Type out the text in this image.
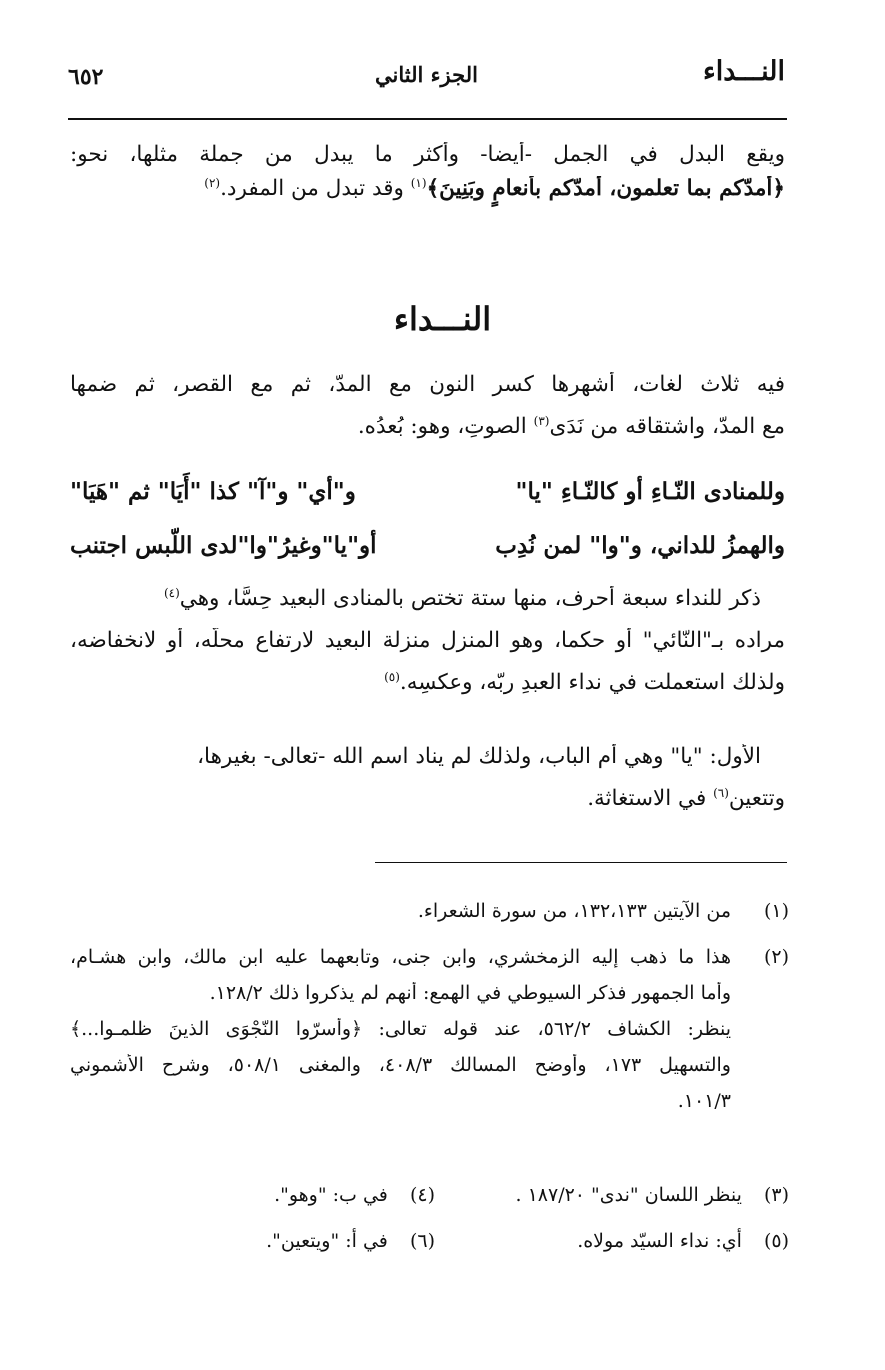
النـــداء
الجزء الثاني
٦٥٢
ويقع البدل في الجمل -أيضا- وأكثر ما يبدل من جملة مثلها، نحو:
﴿أمدّكم بما تعلمون، أمدّكم بأنعامٍ وبَنِينَ﴾$^{(١)}$ وقد تبدل من المفرد.$^{(٢)}$
النـــداء
فيه ثلاث لغات، أشهرها كسر النون مع المدّ، ثم مع القصر، ثم ضمها
مع المدّ، واشتقاقه من نَدَى$^{(٣)}$ الصوتِ، وهو: بُعدُه.
وللمنادى النّـاءِ أو كالنّـاءِ "يا"
و"أي" و"آ" كذا "أَيَا" ثم "هَيَا"
والهمزُ للداني، و"وا" لمن نُدِب
أو"يا"وغيرُ"وا"لدى اللّبس اجتنب
ذكر للنداء سبعة أحرف، منها ستة تختص بالمنادى البعيد حِسًّا، وهي$^{(٤)}$
مراده بـ"النّائي" أو حكما، وهو المنزل منزلة البعيد لارتفاع محلّه، أو لانخفاضه،
ولذلك استعملت في نداء العبدِ ربّه، وعكسِه.$^{(٥)}$
الأول: "يا" وهي أم الباب، ولذلك لم يناد اسم الله -تعالى- بغيرها،
وتتعين$^{(٦)}$ في الاستغاثة.
(١)
من الآيتين ١٣٢،١٣٣، من سورة الشعراء.
(٢)
هذا ما ذهب إليه الزمخشري، وابن جنى، وتابعهما عليه ابن مالك، وابن هشـام،
وأما الجمهور فذكر السيوطي في الهمع: أنهم لم يذكروا ذلك ١٢٨/٢.
ينظر: الكشاف ٥٦٢/٢، عند قوله تعالى: ﴿وأسرّوا النّجْوَى الذينَ ظلمـوا...﴾
والتسهيل ١٧٣، وأوضح المسالك ٤٠٨/٣، والمغنى ٥٠٨/١، وشرح الأشموني
١٠١/٣.
(٣) ينظر اللسان "ندى" ١٨٧/٢٠ .
(٤) في ب: "وهو".
(٥) أي: نداء السيّد مولاه.
(٦) في أ: "ويتعين".
